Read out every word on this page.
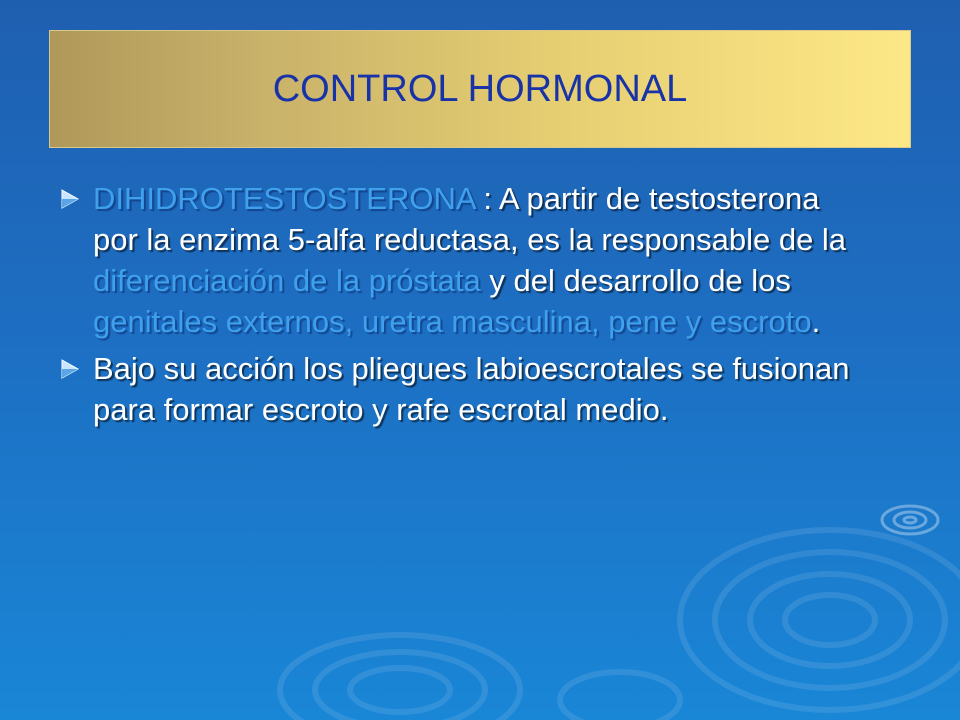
CONTROL HORMONAL
DIHIDROTESTOSTERONA : A partir de testosterona por la enzima 5-alfa reductasa, es la responsable de la diferenciación de la próstata y del desarrollo de los genitales externos, uretra masculina, pene y escroto.
Bajo su acción los pliegues labioescrotales se fusionan para formar escroto y rafe escrotal medio.
